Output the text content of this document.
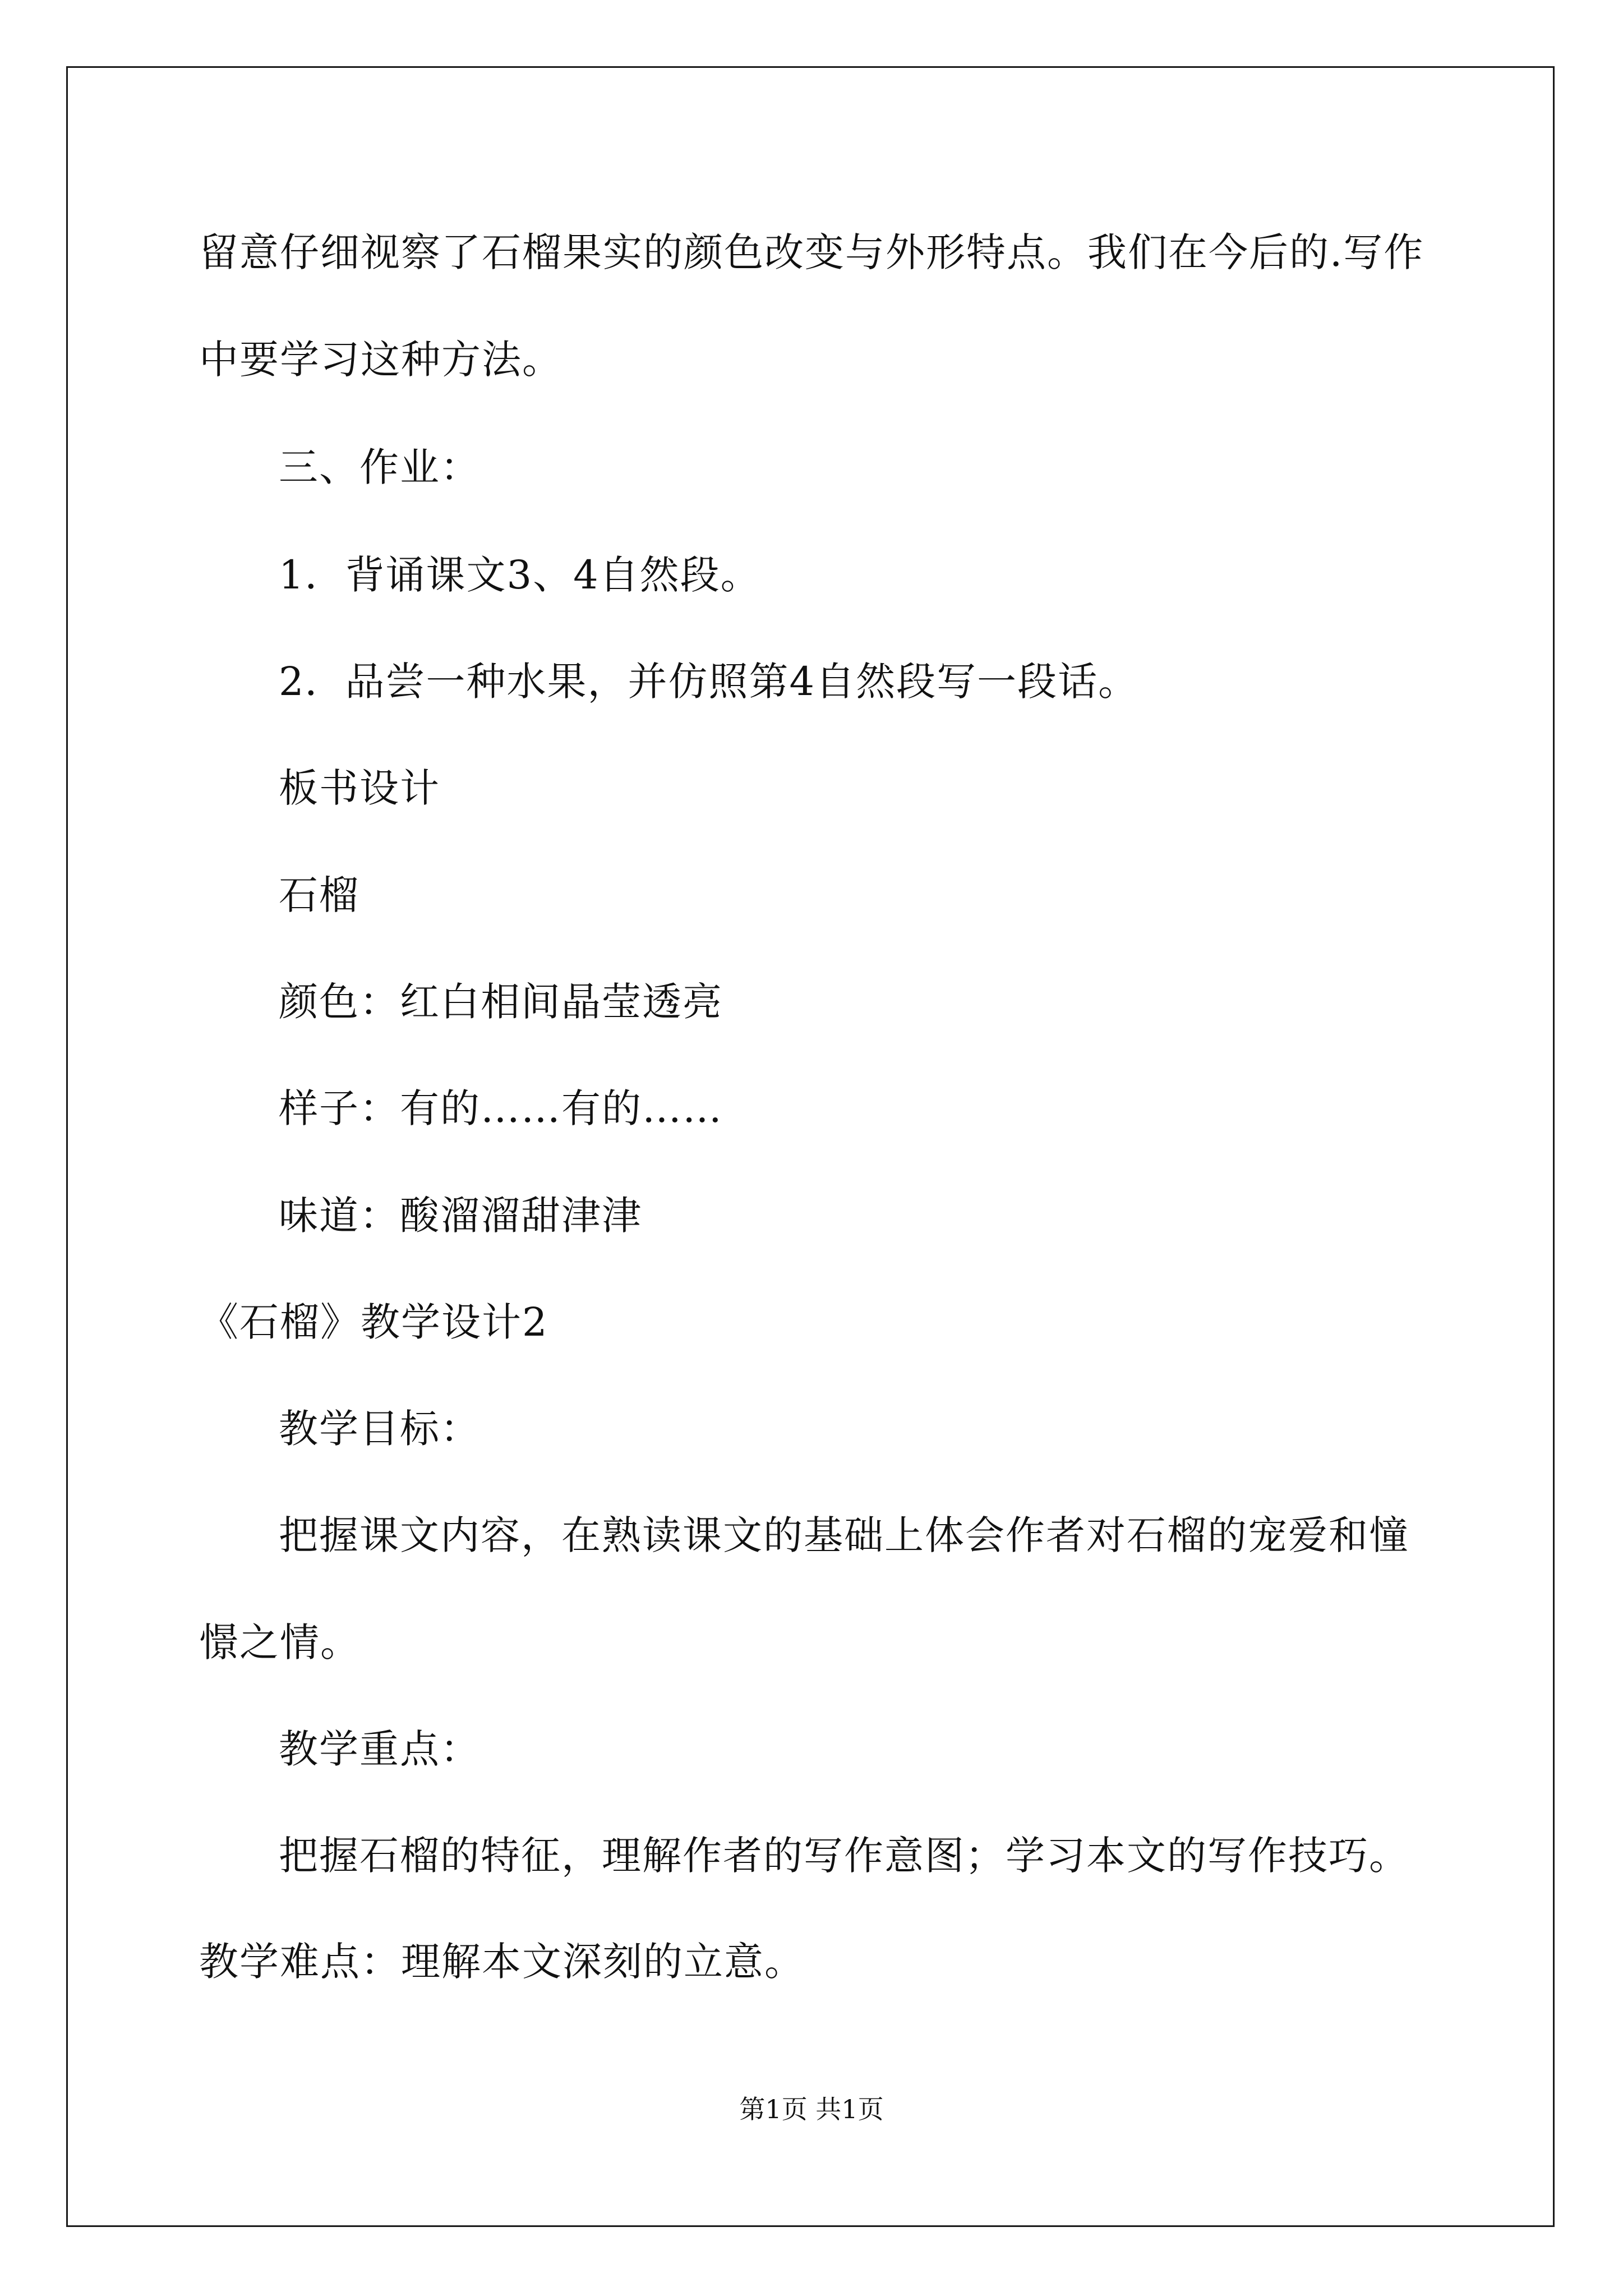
留意仔细视察了石榴果实的颜色改变与外形特点。我们在今后的.写作
中要学习这种方法。
三、作业：
1．背诵课文3、4自然段。
2．品尝一种水果，并仿照第4自然段写一段话。
板书设计
石榴
颜色：红白相间晶莹透亮
样子：有的……有的……
味道：酸溜溜甜津津
《石榴》教学设计2
教学目标：
把握课文内容，在熟读课文的基础上体会作者对石榴的宠爱和憧
憬之情。
教学重点：
把握石榴的特征，理解作者的写作意图；学习本文的写作技巧。
教学难点：理解本文深刻的立意。
第1页 共1页
